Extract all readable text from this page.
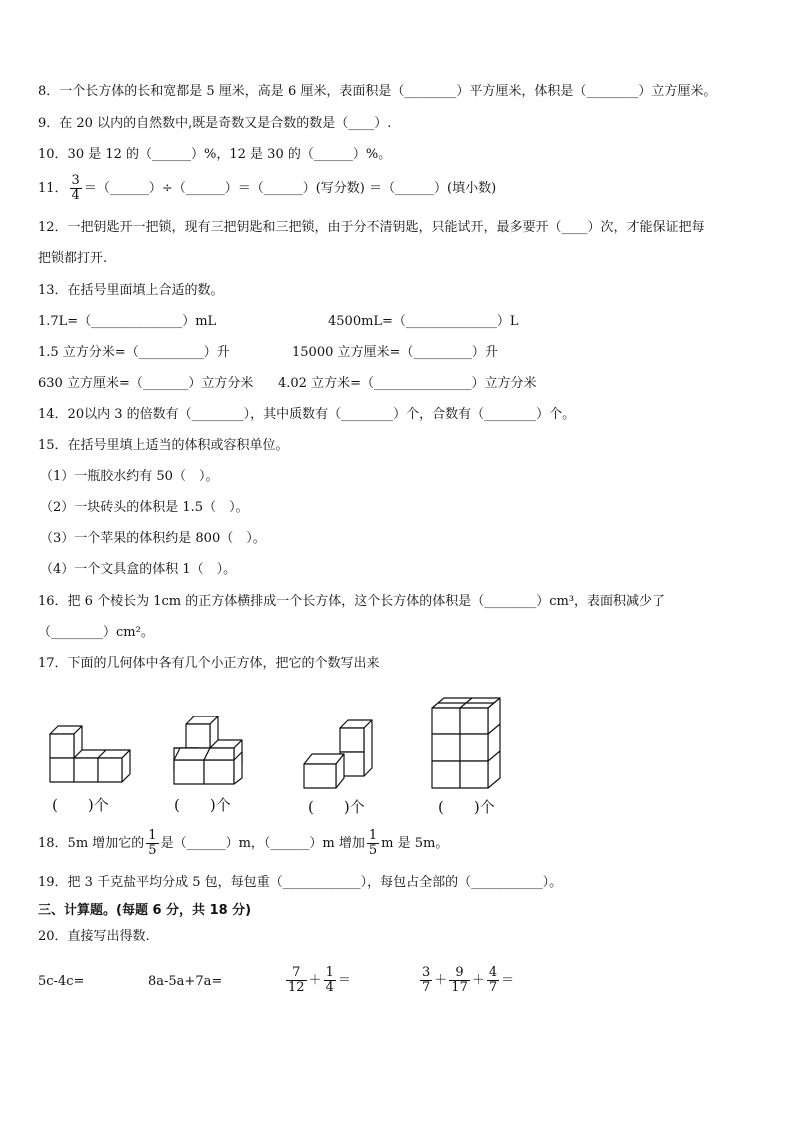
8．一个长方体的长和宽都是 5 厘米，高是 6 厘米，表面积是（________）平方厘米，体积是（________）立方厘米。
9．在 20 以内的自然数中,既是奇数又是合数的数是（____）.
10．30 是 12 的（______）%，12 是 30 的（______）%。
11． $\frac{3}{4}$ ＝（______）÷（______）＝（______）(写分数) ＝（______）(填小数)
12．一把钥匙开一把锁，现有三把钥匙和三把锁，由于分不清钥匙，只能试开，最多要开（____）次，才能保证把每
把锁都打开.
13．在括号里面填上合适的数。
1.7L=（______________）mL	4500mL=（______________）L
1.5 立方分米=（__________）升	15000 立方厘米=（_________）升
630 立方厘米=（_______）立方分米 4.02 立方米=（_______________）立方分米
14．20以内 3 的倍数有（________），其中质数有（________）个，合数有（________）个。
15．在括号里填上适当的体积或容积单位。
（1）一瓶胶水约有 50（　）。
（2）一块砖头的体积是 1.5（　）。
（3）一个苹果的体积约是 800（　）。
（4）一个文具盒的体积 1（　）。
16．把 6 个棱长为 1cm 的正方体横排成一个长方体，这个长方体的体积是（________）cm³，表面积减少了
（________）cm²。
17．下面的几何体中各有几个小正方体，把它的个数写出来
(　　)个	(　　)个	(　　)个	(　　)个
18．5m 增加它的 $\frac{1}{5}$ 是（______）m，（______）m 增加 $\frac{1}{5}$ m 是 5m。
19．把 3 千克盐平均分成 5 包，每包重（____________），每包占全部的（___________）。
三、计算题。(每题 6 分，共 18 分)
20．直接写出得数.
5c-4c=	8a-5a+7a=	$\frac{7}{12} + \frac{1}{4}$ ＝	$\frac{3}{7} + \frac{9}{17} + \frac{4}{7}$ ＝
